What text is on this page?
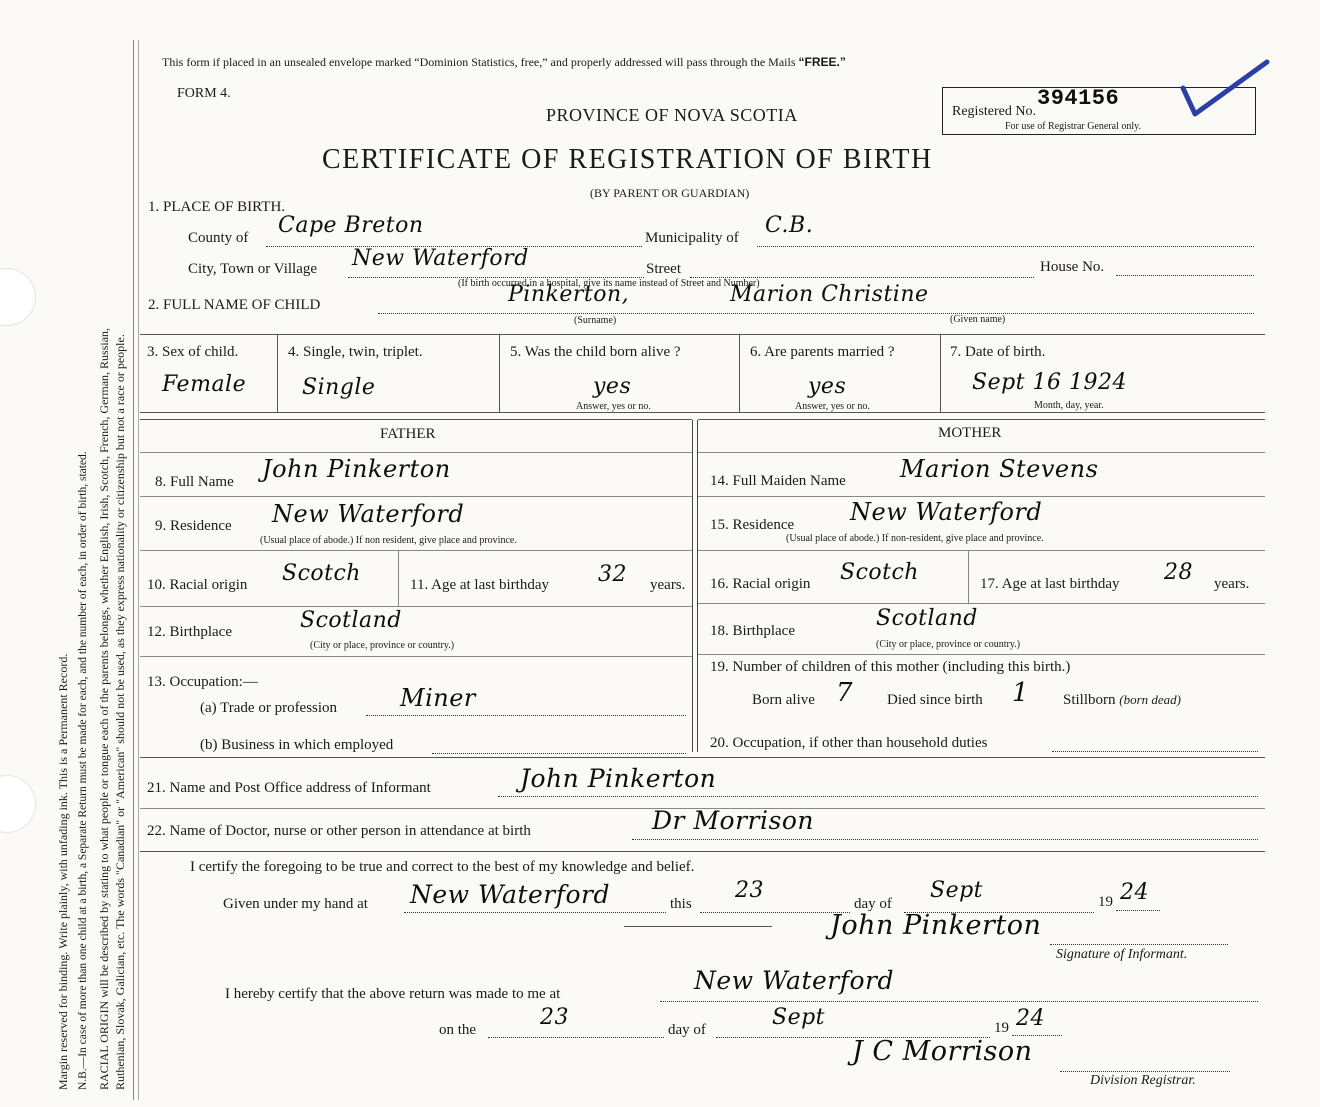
Margin reserved for binding. Write plainly, with unfading ink. This is a Permanent Record. N.B.—In case of more than one child at a birth, a Separate Return must be made for each, and the number of each, in order of birth, stated. RACIAL ORIGIN will be described by stating to what people or tongue each of the parents belongs, whether English, Irish, Scotch, French, German, Russian, Ruthenian, Slovak, Galician, etc. The words "Canadian" or "American" should not be used, as they express nationality or citizenship but not a race or people.
This form if placed in an unsealed envelope marked “Dominion Statistics, free,” and properly addressed will pass through the Mails “FREE.”
FORM 4.
PROVINCE OF NOVA SCOTIA	Registered No.
394156
For use of Registrar General only.
CERTIFICATE OF REGISTRATION OF BIRTH
(BY PARENT OR GUARDIAN)
1. PLACE OF BIRTH.
County of Cape Breton	Municipality of C.B.
City, Town or Village New Waterford	Street	House No.
(If birth occurred in a hospital, give its name instead of Street and Number)
2. FULL NAME OF CHILD	Pinkerton,	Marion Christine
(Surname)	(Given name)
3. Sex of child.
Female
4. Single, twin, triplet.
Single
5. Was the child born alive ?
yes
Answer, yes or no.
6. Are parents married ?
yes
Answer, yes or no.
7. Date of birth.
Sept 16 1924
Month, day, year.
FATHER	MOTHER
8. Full Name John Pinkerton
9. Residence New Waterford
(Usual place of abode.) If non resident, give place and province.
10. Racial origin Scotch	11. Age at last birthday 32 years.
12. Birthplace	Scotland
(City or place, province or country.)
13. Occupation:—
(a) Trade or profession	Miner
(b) Business in which employed
14. Full Maiden Name Marion Stevens
15. Residence New Waterford
(Usual place of abode.) If non-resident, give place and province.
16. Racial origin Scotch	17. Age at last birthday 28 years.
18. Birthplace	Scotland
(City or place, province or country.)
19. Number of children of this mother (including this birth.)
Born alive 7 Died since birth 1 Stillborn (born dead)
20. Occupation, if other than household duties
21. Name and Post Office address of Informant	John Pinkerton
22. Name of Doctor, nurse or other person in attendance at birth	Dr Morrison
I certify the foregoing to be true and correct to the best of my knowledge and belief.
Given under my hand at New Waterford	this
23
day of
Sept	19 24
John Pinkerton
Signature of Informant.
I hereby certify that the above return was made to me at	New Waterford
on the	23	day of	Sept	19 24
J C Morrison
Division Registrar.
